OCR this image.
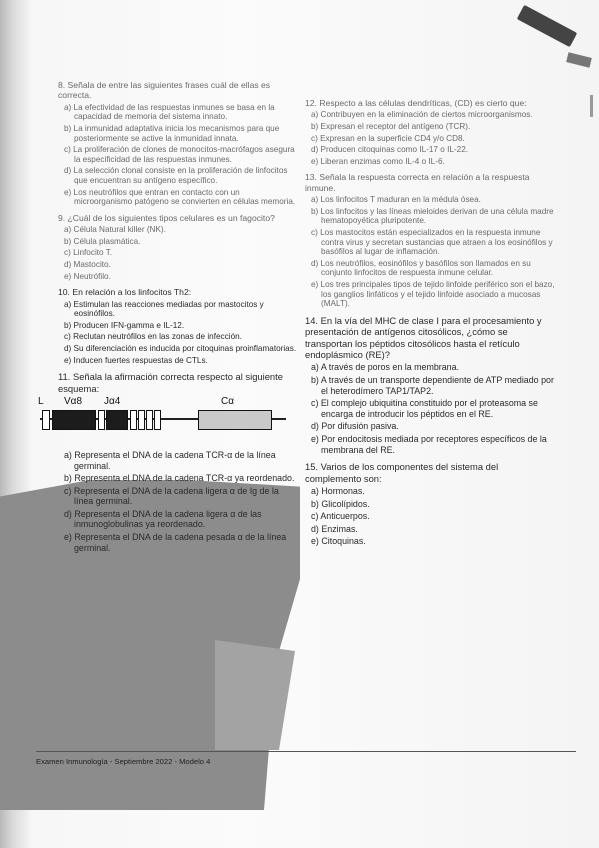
8. Señala de entre las siguientes frases cuál de ellas es correcta.

a) La efectividad de las respuestas inmunes se basa en la capacidad de memoria del sistema innato.

b) La inmunidad adaptativa inicia los mecanismos para que posteriormente se active la inmunidad innata.

c) La proliferación de clones de monocitos-macrófagos asegura la especificidad de las respuestas inmunes.

d) La selección clonal consiste en la proliferación de linfocitos que encuentran su antígeno específico.

e) Los neutrófilos que entran en contacto con un microorganismo patógeno se convierten en células memoria.

9. ¿Cuál de los siguientes tipos celulares es un fagocito?

a) Célula Natural killer (NK).

b) Célula plasmática.

c) Linfocito T.

d) Mastocito.

e) Neutrófilo.

10. En relación a los linfocitos Th2:

a) Estimulan las reacciones mediadas por mastocitos y eosinófilos.

b) Producen IFN-gamma e IL-12.

c) Reclutan neutrófilos en las zonas de infección.

d) Su diferenciación es inducida por citoquinas proinflamatorias.

e) Inducen fuertes respuestas de CTLs.

11. Señala la afirmación correcta respecto al siguiente esquema:

L Vα8 Jα4	Cα

a) Representa el DNA de la cadena TCR-α de la línea germinal.

b) Representa el DNA de la cadena TCR-α ya reordenado.

c) Representa el DNA de la cadena ligera α de Ig de la línea germinal.

d) Representa el DNA de la cadena ligera α de las inmunoglobulinas ya reordenado.

e) Representa el DNA de la cadena pesada α de la línea germinal.

12. Respecto a las células dendríticas, (CD) es cierto que:

a) Contribuyen en la eliminación de ciertos microorganismos.

b) Expresan el receptor del antígeno (TCR).

c) Expresan en la superficie CD4 y/o CD8.

d) Producen citoquinas como IL-17 o IL-22.

e) Liberan enzimas como IL-4 o IL-6.

13. Señala la respuesta correcta en relación a la respuesta inmune.

a) Los linfocitos T maduran en la médula ósea.

b) Los linfocitos y las líneas mieloides derivan de una célula madre hematopoyética pluripotente.

c) Los mastocitos están especializados en la respuesta inmune contra virus y secretan sustancias que atraen a los eosinófilos y basófilos al lugar de inflamación.

d) Los neutrófilos, eosinófilos y basófilos son llamados en su conjunto linfocitos de respuesta inmune celular.

e) Los tres principales tipos de tejido linfoide periférico son el bazo, los ganglios linfáticos y el tejido linfoide asociado a mucosas (MALT).

14. En la vía del MHC de clase I para el procesamiento y presentación de antígenos citosólicos, ¿cómo se transportan los péptidos citosólicos hasta el retículo endoplásmico (RE)?

a) A través de poros en la membrana.

b) A través de un transporte dependiente de ATP mediado por el heterodímero TAP1/TAP2.

c) El complejo ubiquitina constituido por el proteasoma se encarga de introducir los péptidos en el RE.

d) Por difusión pasiva.

e) Por endocitosis mediada por receptores específicos de la membrana del RE.

15. Varios de los componentes del sistema del complemento son:

a) Hormonas.

b) Glicolípidos.

c) Anticuerpos.

d) Enzimas.

e) Citoquinas.

Examen Inmunología - Septiembre 2022 - Modelo 4
